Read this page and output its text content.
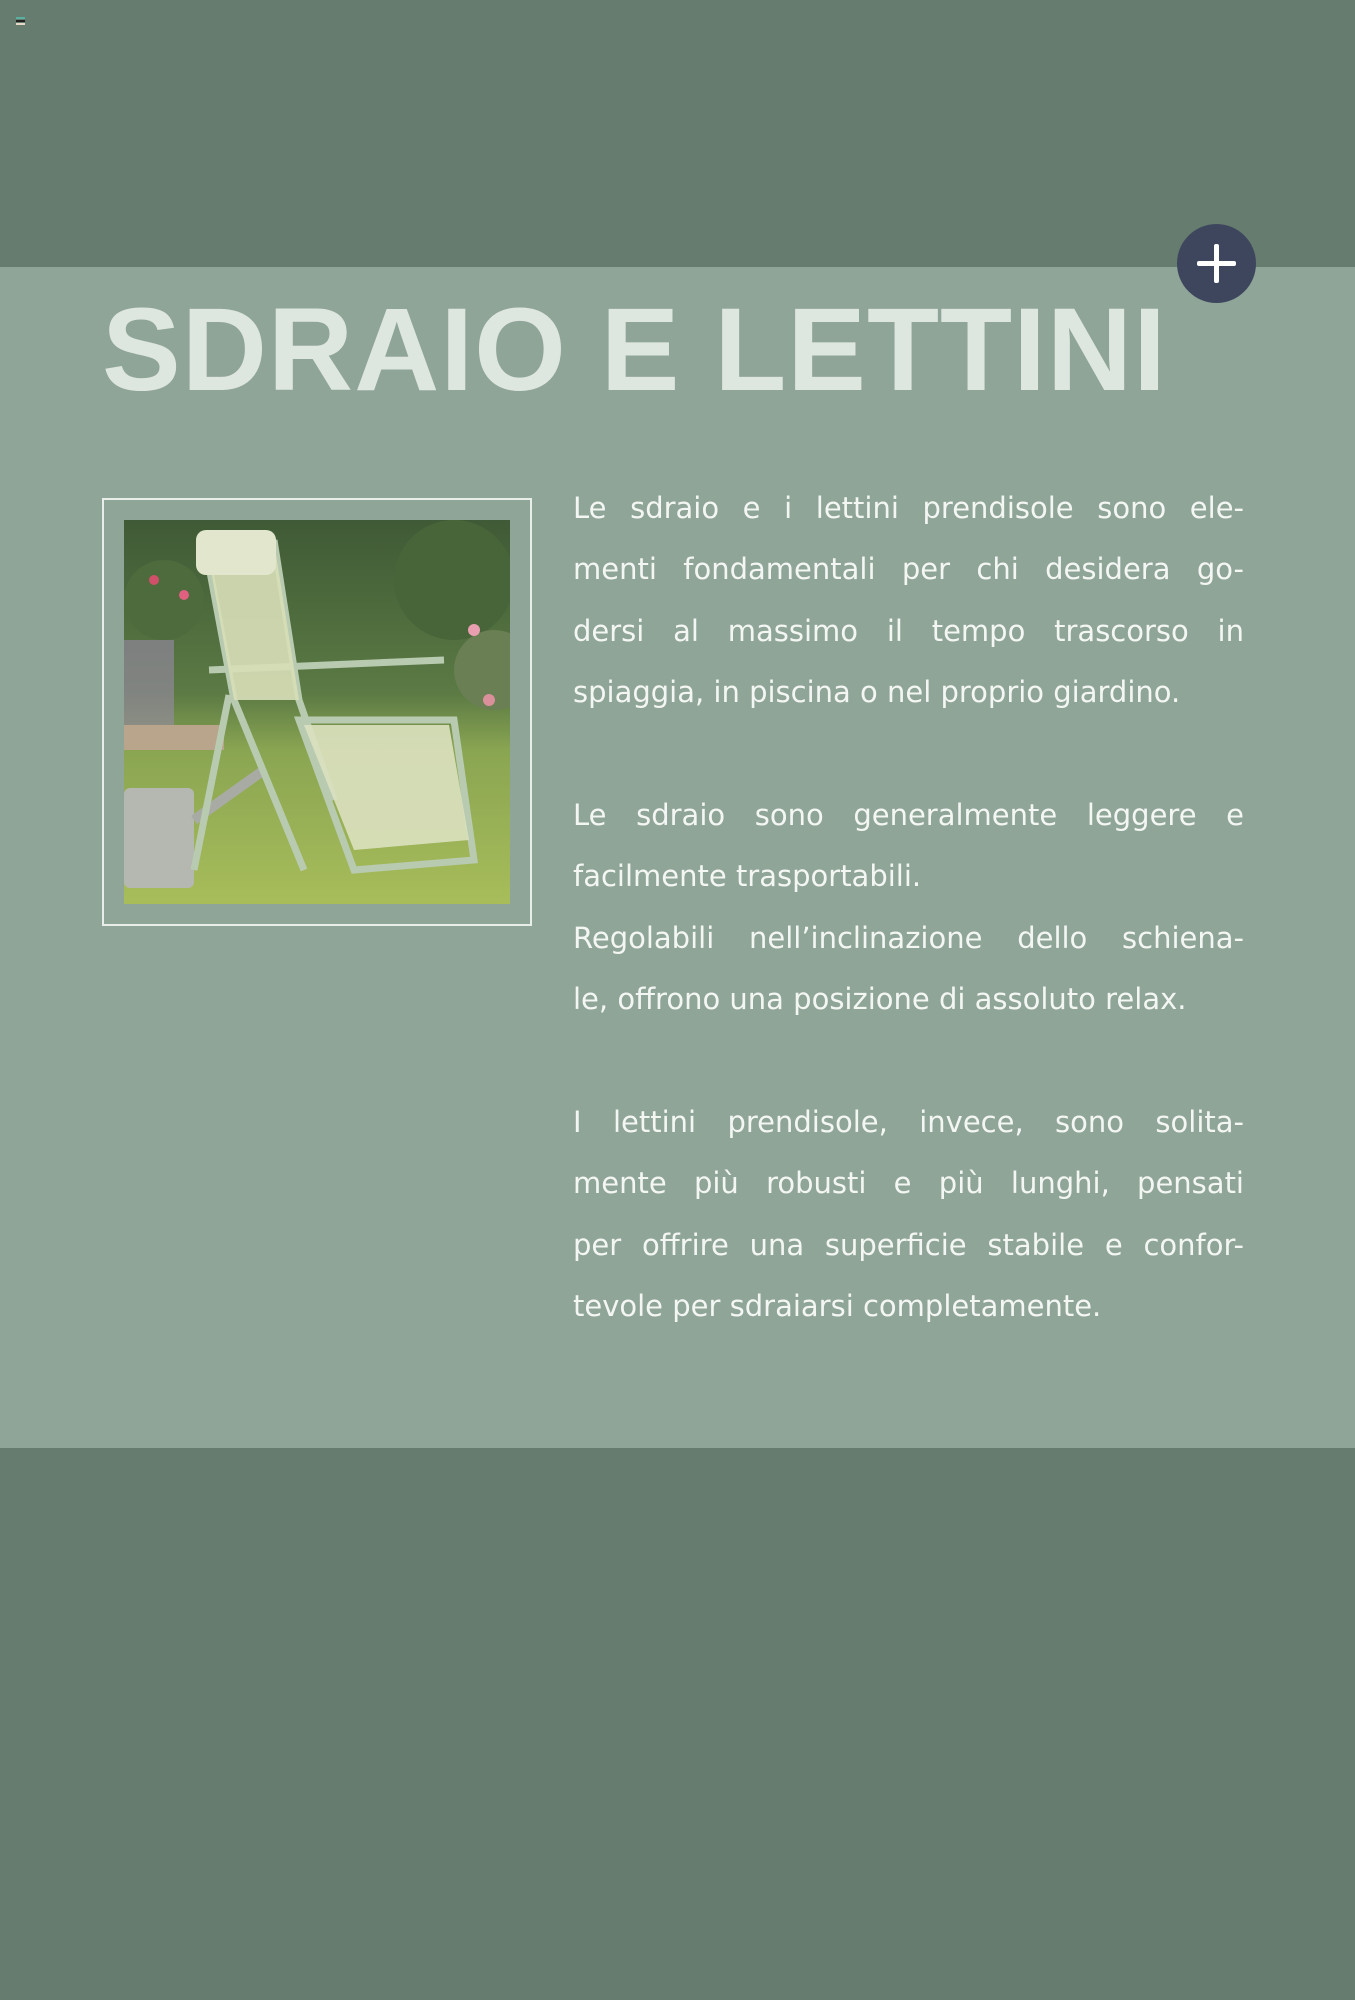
SDRAIO E LETTINI

Le sdraio e i lettini prendisole sono ele-
menti fondamentali per chi desidera go-
dersi al massimo il tempo trascorso in
spiaggia, in piscina o nel proprio giardino.

Le sdraio sono generalmente leggere e
facilmente trasportabili.
Regolabili nell’inclinazione dello schiena-
le, offrono una posizione di assoluto relax.

I lettini prendisole, invece, sono solita-
mente più robusti e più lunghi, pensati
per offrire una superficie stabile e confor-
tevole per sdraiarsi completamente.
